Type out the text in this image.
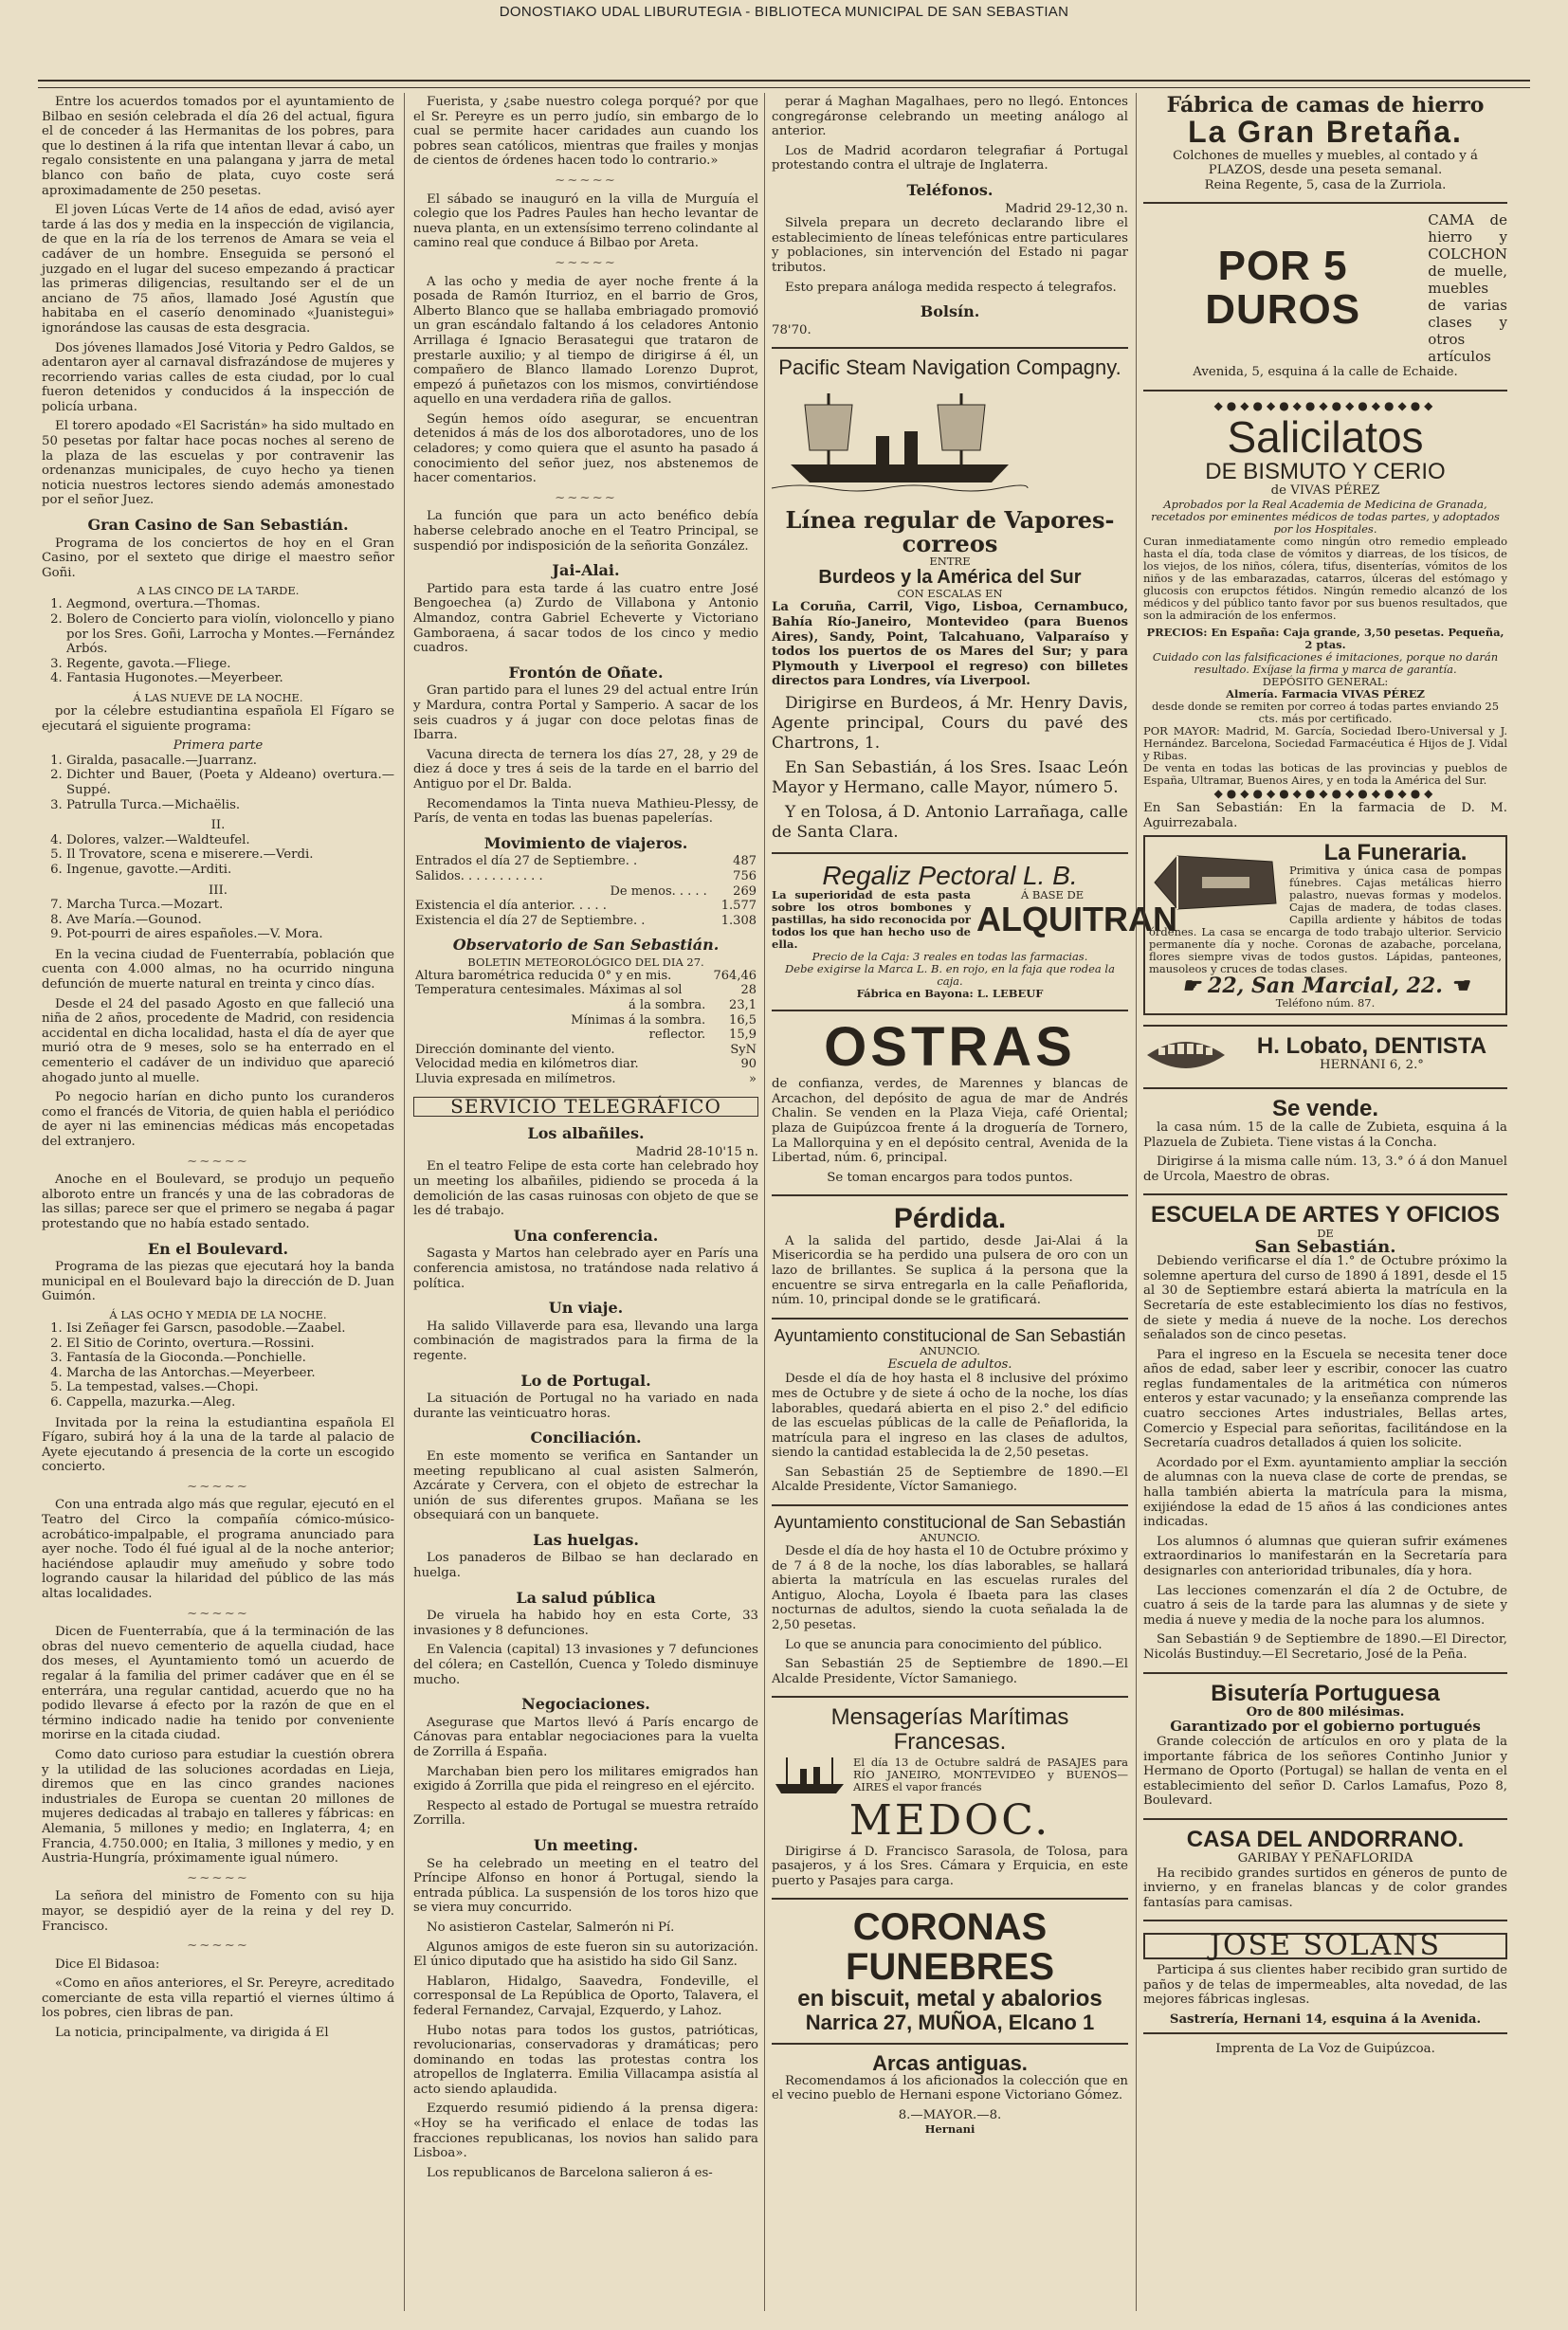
DONOSTIAKO UDAL LIBURUTEGIA - BIBLIOTECA MUNICIPAL DE SAN SEBASTIAN

Entre los acuerdos tomados por el ayuntamiento de Bilbao en sesión celebrada el día 26 del actual, figura el de conceder á las Hermanitas de los pobres, para que lo destinen á la rifa que intentan llevar á cabo, un regalo consistente en una palangana y jarra de metal blanco con baño de plata, cuyo coste será aproximadamente de 250 pesetas.

El joven Lúcas Verte de 14 años de edad, avisó ayer tarde á las dos y media en la inspección de vigilancia, de que en la ría de los terrenos de Amara se veia el cadáver de un hombre. Enseguida se personó el juzgado en el lugar del suceso empezando á practicar las primeras diligencias, resultando ser el de un anciano de 75 años, llamado José Agustín que habitaba en el caserío denominado «Juanistegui» ignorándose las causas de esta desgracia.

Dos jóvenes llamados José Vitoria y Pedro Galdos, se adentaron ayer al carnaval disfrazándose de mujeres y recorriendo varias calles de esta ciudad, por lo cual fueron detenidos y conducidos á la inspección de policía urbana.

El torero apodado «El Sacristán» ha sido multado en 50 pesetas por faltar hace pocas noches al sereno de la plaza de las escuelas y por contravenir las ordenanzas municipales, de cuyo hecho ya tienen noticia nuestros lectores siendo además amonestado por el señor Juez.

Gran Casino de San Sebastián.

Programa de los conciertos de hoy en el Gran Casino, por el sexteto que dirige el maestro señor Goñi.

A LAS CINCO DE LA TARDE.
1. Aegmond, overtura.—Thomas.
2. Bolero de Concierto para violín, violoncello y piano por los Sres. Goñi, Larrocha y Montes.—Fernández Arbós.
3. Regente, gavota.—Fliege.
4. Fantasia Hugonotes.—Meyerbeer.
Á LAS NUEVE DE LA NOCHE.

por la célebre estudiantina española El Fígaro se ejecutará el siguiente programa:

Primera parte
1. Giralda, pasacalle.—Juarranz.
2. Dichter und Bauer, (Poeta y Aldeano) overtura.—Suppé.
3. Patrulla Turca.—Michaëlis.
II.
4. Dolores, valzer.—Waldteufel.
5. Il Trovatore, scena e miserere.—Verdi.
6. Ingenue, gavotte.—Arditi.
III.
7. Marcha Turca.—Mozart.
8. Ave María.—Gounod.
9. Pot-pourri de aires españoles.—V. Mora.

En la vecina ciudad de Fuenterrabía, población que cuenta con 4.000 almas, no ha ocurrido ninguna defunción de muerte natural en treinta y cinco días.

Desde el 24 del pasado Agosto en que falleció una niña de 2 años, procedente de Madrid, con residencia accidental en dicha localidad, hasta el día de ayer que murió otra de 9 meses, solo se ha enterrado en el cementerio el cadáver de un individuo que apareció ahogado junto al muelle.

Po negocio harían en dicho punto los curanderos como el francés de Vitoria, de quien habla el periódico de ayer ni las eminencias médicas más encopetadas del extranjero.

~~~~~

Anoche en el Boulevard, se produjo un pequeño alboroto entre un francés y una de las cobradoras de las sillas; parece ser que el primero se negaba á pagar protestando que no había estado sentado.

En el Boulevard.

Programa de las piezas que ejecutará hoy la banda municipal en el Boulevard bajo la dirección de D. Juan Guimón.

Á LAS OCHO Y MEDIA DE LA NOCHE.
1. Isi Zeñager fei Garscn, pasodoble.—Zaabel.
2. El Sitio de Corinto, overtura.—Rossini.
3. Fantasía de la Gioconda.—Ponchielle.
4. Marcha de las Antorchas.—Meyerbeer.
5. La tempestad, valses.—Chopi.
6. Cappella, mazurka.—Aleg.

Invitada por la reina la estudiantina española El Fígaro, subirá hoy á la una de la tarde al palacio de Ayete ejecutando á presencia de la corte un escogido concierto.

~~~~~

Con una entrada algo más que regular, ejecutó en el Teatro del Circo la compañía cómico-músico-acrobático-impalpable, el programa anunciado para ayer noche. Todo él fué igual al de la noche anterior; haciéndose aplaudir muy ameñudo y sobre todo logrando causar la hilaridad del público de las más altas localidades.

~~~~~

Dicen de Fuenterrabía, que á la terminación de las obras del nuevo cementerio de aquella ciudad, hace dos meses, el Ayuntamiento tomó un acuerdo de regalar á la familia del primer cadáver que en él se enterrára, una regular cantidad, acuerdo que no ha podido llevarse á efecto por la razón de que en el término indicado nadie ha tenido por conveniente morirse en la citada ciudad.

Como dato curioso para estudiar la cuestión obrera y la utilidad de las soluciones acordadas en Lieja, diremos que en las cinco grandes naciones industriales de Europa se cuentan 20 millones de mujeres dedicadas al trabajo en talleres y fábricas: en Alemania, 5 millones y medio; en Inglaterra, 4; en Francia, 4.750.000; en Italia, 3 millones y medio, y en Austria-Hungría, próximamente igual número.

~~~~~

La señora del ministro de Fomento con su hija mayor, se despidió ayer de la reina y del rey D. Francisco.

~~~~~

Dice El Bidasoa:

«Como en años anteriores, el Sr. Pereyre, acreditado comerciante de esta villa repartió el viernes último á los pobres, cien libras de pan.

La noticia, principalmente, va dirigida á El

Fuerista, y ¿sabe nuestro colega porqué? por que el Sr. Pereyre es un perro judío, sin embargo de lo cual se permite hacer caridades aun cuando los pobres sean católicos, mientras que frailes y monjas de cientos de órdenes hacen todo lo contrario.»

~~~~~

El sábado se inauguró en la villa de Murguía el colegio que los Padres Paules han hecho levantar de nueva planta, en un extensísimo terreno colindante al camino real que conduce á Bilbao por Areta.

~~~~~

A las ocho y media de ayer noche frente á la posada de Ramón Iturrioz, en el barrio de Gros, Alberto Blanco que se hallaba embriagado promovió un gran escándalo faltando á los celadores Antonio Arrillaga é Ignacio Berasategui que trataron de prestarle auxilio; y al tiempo de dirigirse á él, un compañero de Blanco llamado Lorenzo Duprot, empezó á puñetazos con los mismos, convirtiéndose aquello en una verdadera riña de gallos.

Según hemos oído asegurar, se encuentran detenidos á más de los dos alborotadores, uno de los celadores; y como quiera que el asunto ha pasado á conocimiento del señor juez, nos abstenemos de hacer comentarios.

~~~~~

La función que para un acto benéfico debía haberse celebrado anoche en el Teatro Principal, se suspendió por indisposición de la señorita González.

Jai-Alai.

Partido para esta tarde á las cuatro entre José Bengoechea (a) Zurdo de Villabona y Antonio Almandoz, contra Gabriel Echeverte y Victoriano Gamboraena, á sacar todos de los cinco y medio cuadros.

Frontón de Oñate.

Gran partido para el lunes 29 del actual entre Irún y Mardura, contra Portal y Samperio. A sacar de los seis cuadros y á jugar con doce pelotas finas de Ibarra.

Vacuna directa de ternera los días 27, 28, y 29 de diez á doce y tres á seis de la tarde en el barrio del Antiguo por el Dr. Balda.

Recomendamos la Tinta nueva Mathieu-Plessy, de París, de venta en todas las buenas papelerías.

Movimiento de viajeros.
Entrados el día 27 de Septiembre. .	487
Salidos. . . . . . . . . . .	756
De menos. . . . .	269
Existencia el día anterior. . . . .	1.577
Existencia el día 27 de Septiembre. .	1.308
Observatorio de San Sebastián.
BOLETIN METEOROLÓGICO DEL DIA 27.
Altura barométrica reducida 0° y en mis.	764,46
Temperatura centesimales. Máximas al sol	28
á la sombra.	23,1
Mínimas á la sombra.	16,5
reflector.	15,9
Dirección dominante del viento.	SyN
Velocidad media en kilómetros diar.	90
Lluvia expresada en milímetros.	»
SERVICIO TELEGRÁFICO
Los albañiles.
Madrid 28-10'15 n.

En el teatro Felipe de esta corte han celebrado hoy un meeting los albañiles, pidiendo se proceda á la demolición de las casas ruinosas con objeto de que se les dé trabajo.

Una conferencia.

Sagasta y Martos han celebrado ayer en París una conferencia amistosa, no tratándose nada relativo á política.

Un viaje.

Ha salido Villaverde para esa, llevando una larga combinación de magistrados para la firma de la regente.

Lo de Portugal.

La situación de Portugal no ha variado en nada durante las veinticuatro horas.

Conciliación.

En este momento se verifica en Santander un meeting republicano al cual asisten Salmerón, Azcárate y Cervera, con el objeto de estrechar la unión de sus diferentes grupos. Mañana se les obsequiará con un banquete.

Las huelgas.

Los panaderos de Bilbao se han declarado en huelga.

La salud pública

De viruela ha habido hoy en esta Corte, 33 invasiones y 8 defunciones.

En Valencia (capital) 13 invasiones y 7 defunciones del cólera; en Castellón, Cuenca y Toledo disminuye mucho.

Negociaciones.

Asegurase que Martos llevó á París encargo de Cánovas para entablar negociaciones para la vuelta de Zorrilla á España.

Marchaban bien pero los militares emigrados han exigido á Zorrilla que pida el reingreso en el ejército.

Respecto al estado de Portugal se muestra retraído Zorrilla.

Un meeting.

Se ha celebrado un meeting en el teatro del Príncipe Alfonso en honor á Portugal, siendo la entrada pública. La suspensión de los toros hizo que se viera muy concurrido.

No asistieron Castelar, Salmerón ni Pí.

Algunos amigos de este fueron sin su autorización. El único diputado que ha asistido ha sido Gil Sanz.

Hablaron, Hidalgo, Saavedra, Fondeville, el corresponsal de La República de Oporto, Talavera, el federal Fernandez, Carvajal, Ezquerdo, y Lahoz.

Hubo notas para todos los gustos, patrióticas, revolucionarias, conservadoras y dramáticas; pero dominando en todas las protestas contra los atropellos de Inglaterra. Emilia Villacampa asistía al acto siendo aplaudida.

Ezquerdo resumió pidiendo á la prensa digera: «Hoy se ha verificado el enlace de todas las fracciones republicanas, los novios han salido para Lisboa».

Los republicanos de Barcelona salieron á es-

perar á Maghan Magalhaes, pero no llegó. Entonces congregáronse celebrando un meeting análogo al anterior.

Los de Madrid acordaron telegrafiar á Portugal protestando contra el ultraje de Inglaterra.

Teléfonos.
Madrid 29-12,30 n.

Silvela prepara un decreto declarando libre el establecimiento de líneas telefónicas entre particulares y poblaciones, sin intervención del Estado ni pagar tributos.

Esto prepara análoga medida respecto á telegrafos.

Bolsín.
78'70.
Pacific Steam Navigation Compagny.
Línea regular de Vapores-correos
ENTRE
Burdeos y la América del Sur
CON ESCALAS EN

La Coruña, Carril, Vigo, Lisboa, Cernambuco, Bahía Río-Janeiro, Montevideo (para Buenos Aires), Sandy, Point, Talcahuano, Valparaíso y todos los puertos de os Mares del Sur; y para Plymouth y Liverpool el regreso) con billetes directos para Londres, vía Liverpool.

Dirigirse en Burdeos, á Mr. Henry Davis, Agente principal, Cours du pavé des Chartrons, 1.

En San Sebastián, á los Sres. Isaac León Mayor y Hermano, calle Mayor, número 5.

Y en Tolosa, á D. Antonio Larrañaga, calle de Santa Clara.

Regaliz Pectoral L. B.
La superioridad de esta pasta sobre los otros bombones y pastillas, ha sido reconocida por todos los que han hecho uso de ella.
Á BASE DE
ALQUITRAN
Precio de la Caja: 3 reales en todas las farmacias.
Debe exigirse la Marca L. B. en rojo, en la faja que rodea la caja.
Fábrica en Bayona: L. LEBEUF
OSTRAS

de confianza, verdes, de Marennes y blancas de Arcachon, del depósito de agua de mar de Andrés Chalin. Se venden en la Plaza Vieja, café Oriental; plaza de Guipúzcoa frente á la droguería de Tornero, La Mallorquina y en el depósito central, Avenida de la Libertad, núm. 6, principal.

Se toman encargos para todos puntos.
Pérdida.

A la salida del partido, desde Jai-Alai á la Misericordia se ha perdido una pulsera de oro con un lazo de brillantes. Se suplica á la persona que la encuentre se sirva entregarla en la calle Peñaflorida, núm. 10, principal donde se le gratificará.

Ayuntamiento constitucional de San Sebastián
ANUNCIO.
Escuela de adultos.

Desde el día de hoy hasta el 8 inclusive del próximo mes de Octubre y de siete á ocho de la noche, los días laborables, quedará abierta en el piso 2.° del edificio de las escuelas públicas de la calle de Peñaflorida, la matrícula para el ingreso en las clases de adultos, siendo la cantidad establecida la de 2,50 pesetas.

San Sebastián 25 de Septiembre de 1890.—El Alcalde Presidente, Víctor Samaniego.

Ayuntamiento constitucional de San Sebastián
ANUNCIO.

Desde el día de hoy hasta el 10 de Octubre próximo y de 7 á 8 de la noche, los días laborables, se hallará abierta la matrícula en las escuelas rurales del Antiguo, Alocha, Loyola é Ibaeta para las clases nocturnas de adultos, siendo la cuota señalada la de 2,50 pesetas.

Lo que se anuncia para conocimiento del público.

San Sebastián 25 de Septiembre de 1890.—El Alcalde Presidente, Víctor Samaniego.

Mensagerías Marítimas Francesas.
El día 13 de Octubre saldrá de PASAJES para RÍO JANEIRO, MONTEVIDEO y BUENOS—AIRES el vapor francés
MEDOC.

Dirigirse á D. Francisco Sarasola, de Tolosa, para pasajeros, y á los Sres. Cámara y Erquicia, en este puerto y Pasajes para carga.

CORONAS FUNEBRES
en biscuit, metal y abalorios
Narrica 27, MUÑOA, Elcano 1
Arcas antiguas.

Recomendamos á los aficionados la colección que en el vecino pueblo de Hernani espone Victoriano Gómez.

8.—MAYOR.—8.
Hernani
Fábrica de camas de hierro
La Gran Bretaña.
Colchones de muelles y muebles, al contado y á PLAZOS, desde una peseta semanal.
Reina Regente, 5, casa de la Zurriola.
POR 5 DUROS
CAMA de hierro y COLCHON de muelle, muebles de varias clases y otros artículos
Avenida, 5, esquina á la calle de Echaide.
◆●◆●◆●◆●◆●◆●◆●◆●◆
Salicilatos
DE BISMUTO Y CERIO
de VIVAS PÉREZ
Aprobados por la Real Academia de Medicina de Granada, recetados por eminentes médicos de todas partes, y adoptados por los Hospitales.

Curan inmediatamente como ningún otro remedio empleado hasta el día, toda clase de vómitos y diarreas, de los tísicos, de los viejos, de los niños, cólera, tifus, disenterías, vómitos de los niños y de las embarazadas, catarros, úlceras del estómago y glucosis con erupctos fétidos. Ningún remedio alcanzó de los médicos y del público tanto favor por sus buenos resultados, que son la admiración de los enfermos.

PRECIOS: En España: Caja grande, 3,50 pesetas. Pequeña, 2 ptas.
Cuidado con las falsificaciones é imitaciones, porque no darán resultado. Exíjase la firma y marca de garantía.
DEPÓSITO GENERAL:
Almería. Farmacia VIVAS PÉREZ
desde donde se remiten por correo á todas partes enviando 25 cts. más por certificado.
POR MAYOR: Madrid, M. García, Sociedad Ibero-Universal y J. Hernández. Barcelona, Sociedad Farmacéutica é Hijos de J. Vidal y Ribas.
De venta en todas las boticas de las provincias y pueblos de España, Ultramar, Buenos Aires, y en toda la América del Sur.
◆●◆●◆●◆●◆●◆●◆●◆●◆
En San Sebastián: En la farmacia de D. M. Aguirrezabala.
La Funeraria.
Primitiva y única casa de pompas fúnebres. Cajas metálicas hierro palastro, nuevas formas y modelos. Cajas de madera, de todas clases. Capilla ardiente y hábitos de todas órdenes. La casa se encarga de todo trabajo ulterior. Servicio permanente día y noche. Coronas de azabache, porcelana, flores siempre vivas de todos gustos. Lápidas, panteones, mausoleos y cruces de todas clases.
☛ 22, San Marcial, 22. ☚
Teléfono núm. 87.
H. Lobato, DENTISTA
HERNANI 6, 2.°
Se vende.

la casa núm. 15 de la calle de Zubieta, esquina á la Plazuela de Zubieta. Tiene vistas á la Concha.

Dirigirse á la misma calle núm. 13, 3.° ó á don Manuel de Urcola, Maestro de obras.

ESCUELA DE ARTES Y OFICIOS
DE
San Sebastián.

Debiendo verificarse el día 1.° de Octubre próximo la solemne apertura del curso de 1890 á 1891, desde el 15 al 30 de Septiembre estará abierta la matrícula en la Secretaría de este establecimiento los días no festivos, de siete y media á nueve de la noche. Los derechos señalados son de cinco pesetas.

Para el ingreso en la Escuela se necesita tener doce años de edad, saber leer y escribir, conocer las cuatro reglas fundamentales de la aritmética con números enteros y estar vacunado; y la enseñanza comprende las cuatro secciones Artes industriales, Bellas artes, Comercio y Especial para señoritas, facilitándose en la Secretaría cuadros detallados á quien los solicite.

Acordado por el Exm. ayuntamiento ampliar la sección de alumnas con la nueva clase de corte de prendas, se halla también abierta la matrícula para la misma, exijiéndose la edad de 15 años á las condiciones antes indicadas.

Los alumnos ó alumnas que quieran sufrir exámenes extraordinarios lo manifestarán en la Secretaría para designarles con anterioridad tribunales, día y hora.

Las lecciones comenzarán el día 2 de Octubre, de cuatro á seis de la tarde para las alumnas y de siete y media á nueve y media de la noche para los alumnos.

San Sebastián 9 de Septiembre de 1890.—El Director, Nicolás Bustinduy.—El Secretario, José de la Peña.

Bisutería Portuguesa
Oro de 800 milésimas.
Garantizado por el gobierno portugués

Grande colección de artículos en oro y plata de la importante fábrica de los señores Continho Junior y Hermano de Oporto (Portugal) se hallan de venta en el establecimiento del señor D. Carlos Lamafus, Pozo 8, Boulevard.

CASA DEL ANDORRANO.
GARIBAY Y PEÑAFLORIDA

Ha recibido grandes surtidos en géneros de punto de invierno, y en franelas blancas y de color grandes fantasías para camisas.

JOSE SOLANS

Participa á sus clientes haber recibido gran surtido de paños y de telas de impermeables, alta novedad, de las mejores fábricas inglesas.

Sastrería, Hernani 14, esquina á la Avenida.
Imprenta de La Voz de Guipúzcoa.
